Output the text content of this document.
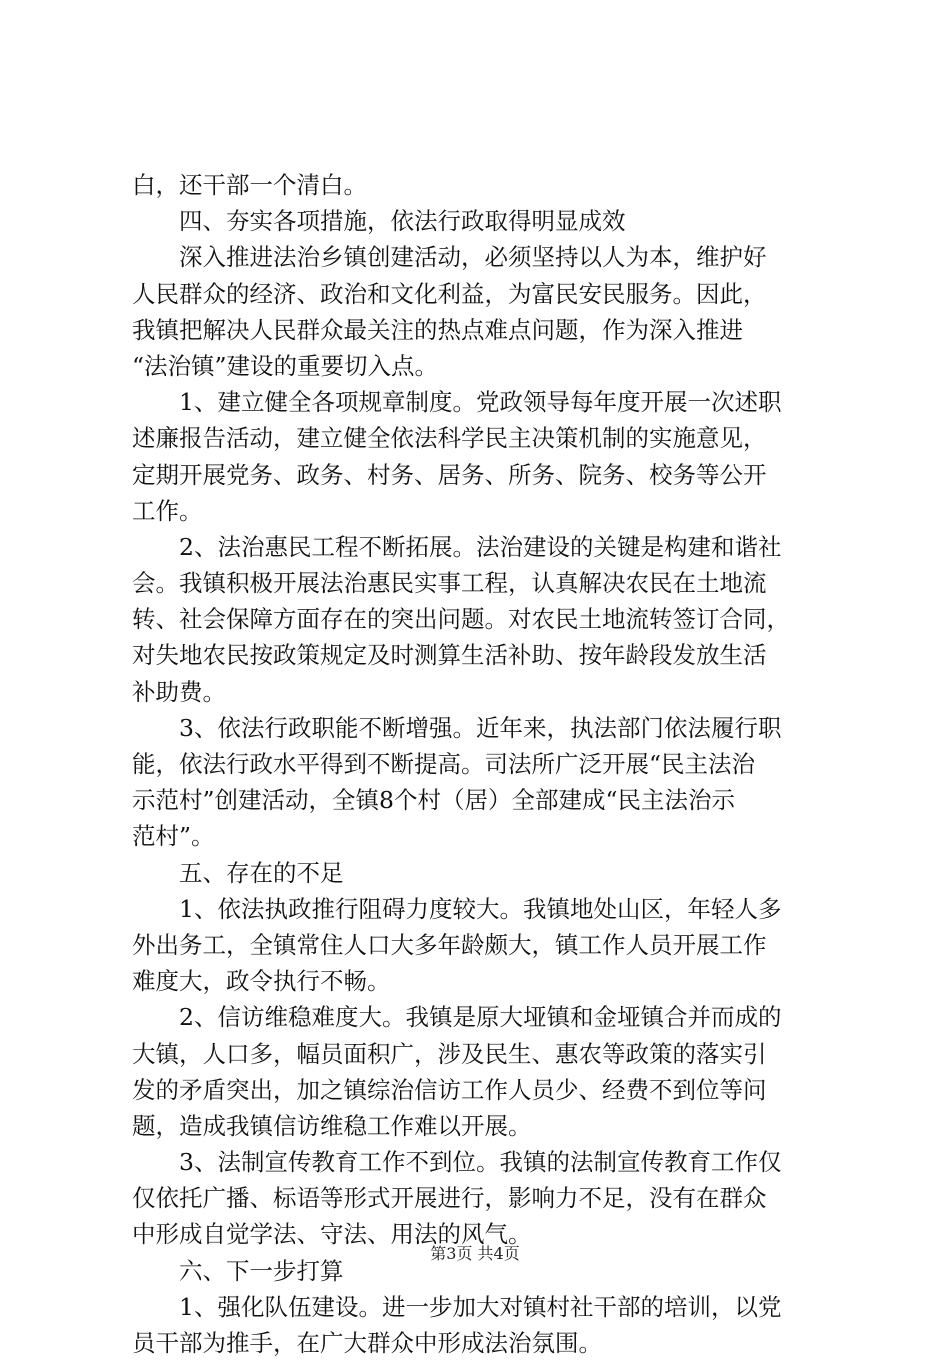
白，还干部一个清白。
四、夯实各项措施，依法行政取得明显成效
深入推进法治乡镇创建活动，必须坚持以人为本，维护好
人民群众的经济、政治和文化利益，为富民安民服务。因此，
我镇把解决人民群众最关注的热点难点问题，作为深入推进
“法治镇”建设的重要切入点。
1、建立健全各项规章制度。党政领导每年度开展一次述职
述廉报告活动，建立健全依法科学民主决策机制的实施意见，
定期开展党务、政务、村务、居务、所务、院务、校务等公开
工作。
2、法治惠民工程不断拓展。法治建设的关键是构建和谐社
会。我镇积极开展法治惠民实事工程，认真解决农民在土地流
转、社会保障方面存在的突出问题。对农民土地流转签订合同，
对失地农民按政策规定及时测算生活补助、按年龄段发放生活
补助费。
3、依法行政职能不断增强。近年来，执法部门依法履行职
能，依法行政水平得到不断提高。司法所广泛开展“民主法治
示范村”创建活动，全镇8个村（居）全部建成“民主法治示
范村”。
五、存在的不足
1、依法执政推行阻碍力度较大。我镇地处山区，年轻人多
外出务工，全镇常住人口大多年龄颇大，镇工作人员开展工作
难度大，政令执行不畅。
2、信访维稳难度大。我镇是原大垭镇和金垭镇合并而成的
大镇，人口多，幅员面积广，涉及民生、惠农等政策的落实引
发的矛盾突出，加之镇综治信访工作人员少、经费不到位等问
题，造成我镇信访维稳工作难以开展。
3、法制宣传教育工作不到位。我镇的法制宣传教育工作仅
仅依托广播、标语等形式开展进行，影响力不足，没有在群众
中形成自觉学法、守法、用法的风气。
六、下一步打算
1、强化队伍建设。进一步加大对镇村社干部的培训，以党
员干部为推手，在广大群众中形成法治氛围。
第3页 共4页
